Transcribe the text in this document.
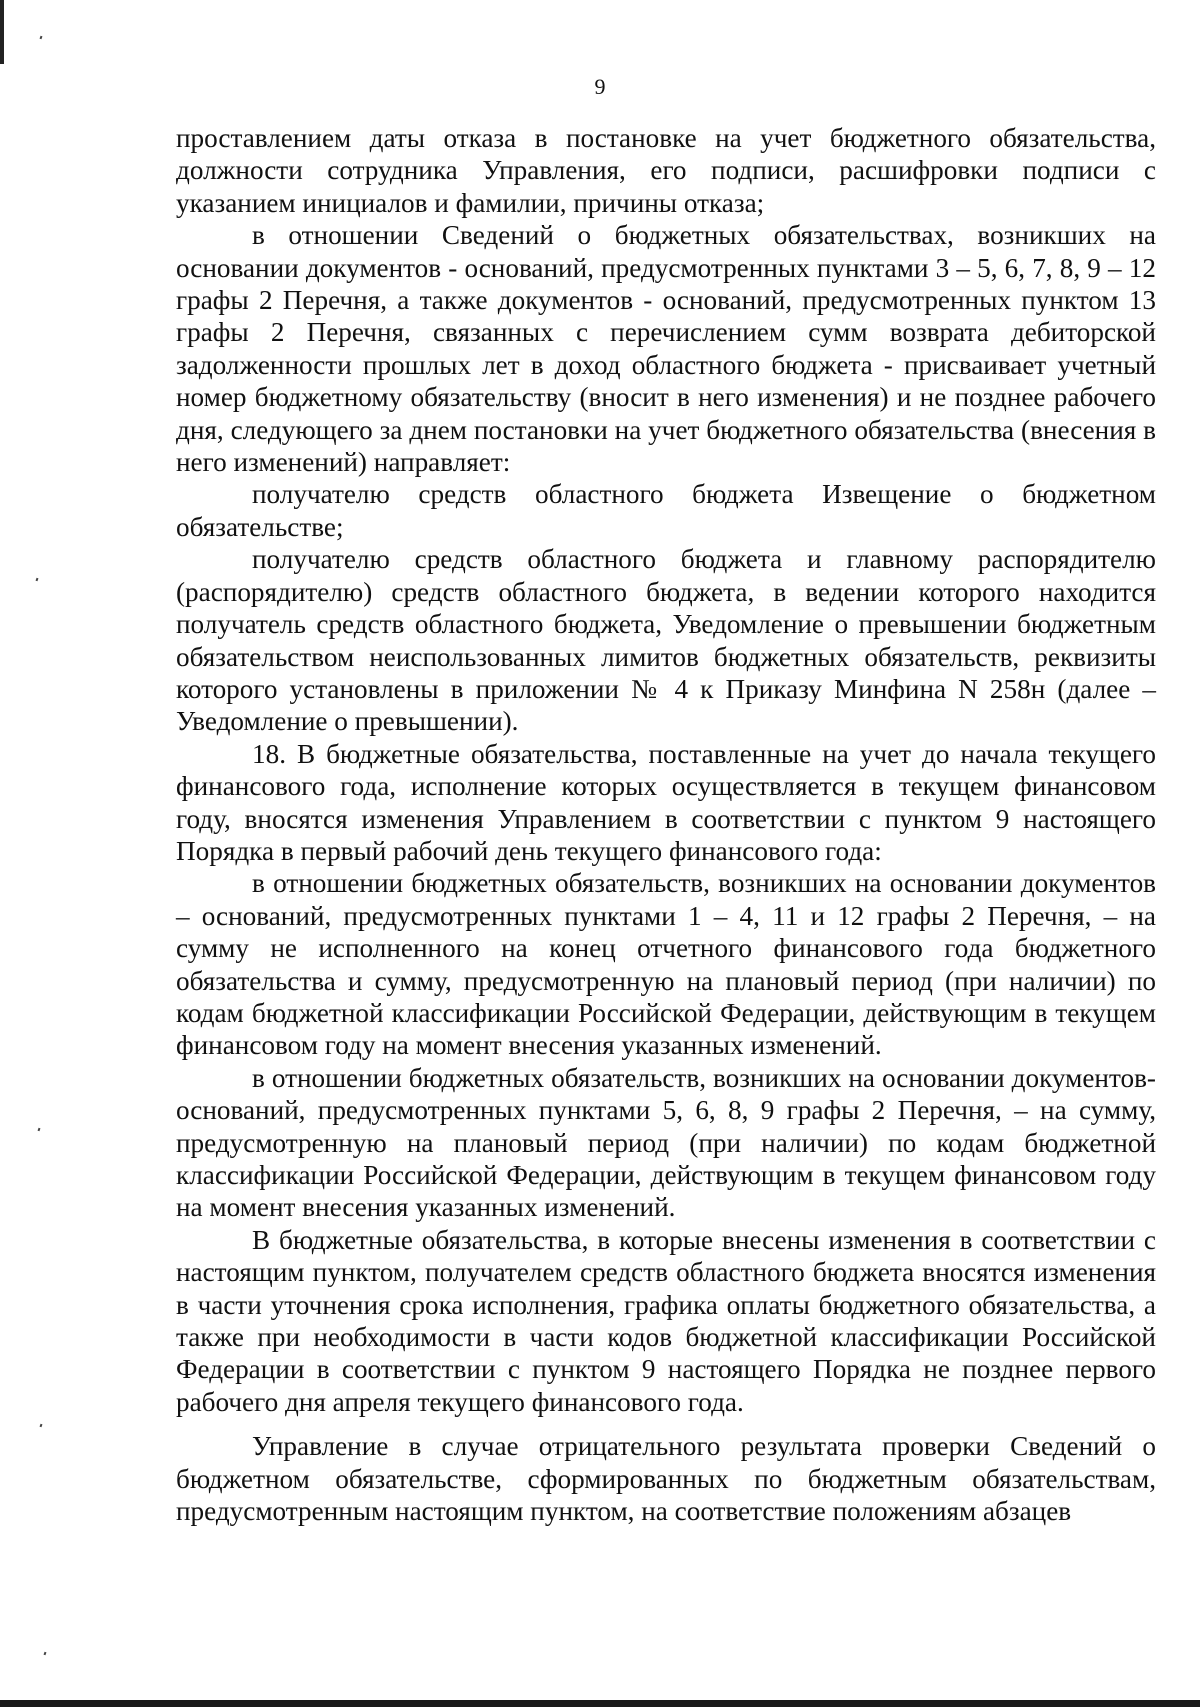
9

проставлением даты отказа в постановке на учет бюджетного обязательства, должности сотрудника Управления, его подписи, расшифровки подписи с указанием инициалов и фамилии, причины отказа;

в отношении Сведений о бюджетных обязательствах, возникших на основании документов - оснований, предусмотренных пунктами 3 – 5, 6, 7, 8, 9 – 12 графы 2 Перечня, а также документов - оснований, предусмотренных пунктом 13 графы 2 Перечня, связанных с перечислением сумм возврата дебиторской задолженности прошлых лет в доход областного бюджета - присваивает учетный номер бюджетному обязательству (вносит в него изменения) и не позднее рабочего дня, следующего за днем постановки на учет бюджетного обязательства (внесения в него изменений) направляет:

получателю средств областного бюджета Извещение о бюджетном обязательстве;

получателю средств областного бюджета и главному распорядителю (распорядителю) средств областного бюджета, в ведении которого находится получатель средств областного бюджета, Уведомление о превышении бюджетным обязательством неиспользованных лимитов бюджетных обязательств, реквизиты которого установлены в приложении № 4 к Приказу Минфина N 258н (далее – Уведомление о превышении).

18. В бюджетные обязательства, поставленные на учет до начала текущего финансового года, исполнение которых осуществляется в текущем финансовом году, вносятся изменения Управлением в соответствии с пунктом 9 настоящего Порядка в первый рабочий день текущего финансового года:

в отношении бюджетных обязательств, возникших на основании документов – оснований, предусмотренных пунктами 1 – 4, 11 и 12 графы 2 Перечня, – на сумму не исполненного на конец отчетного финансового года бюджетного обязательства и сумму, предусмотренную на плановый период (при наличии) по кодам бюджетной классификации Российской Федерации, действующим в текущем финансовом году на момент внесения указанных изменений.

в отношении бюджетных обязательств, возникших на основании документов-оснований, предусмотренных пунктами 5, 6, 8, 9 графы 2 Перечня, – на сумму, предусмотренную на плановый период (при наличии) по кодам бюджетной классификации Российской Федерации, действующим в текущем финансовом году на момент внесения указанных изменений.

В бюджетные обязательства, в которые внесены изменения в соответствии с настоящим пунктом, получателем средств областного бюджета вносятся изменения в части уточнения срока исполнения, графика оплаты бюджетного обязательства, а также при необходимости в части кодов бюджетной классификации Российской Федерации в соответствии с пунктом 9 настоящего Порядка не позднее первого рабочего дня апреля текущего финансового года.

Управление в случае отрицательного результата проверки Сведений о бюджетном обязательстве, сформированных по бюджетным обязательствам, предусмотренным настоящим пунктом, на соответствие положениям абзацев
